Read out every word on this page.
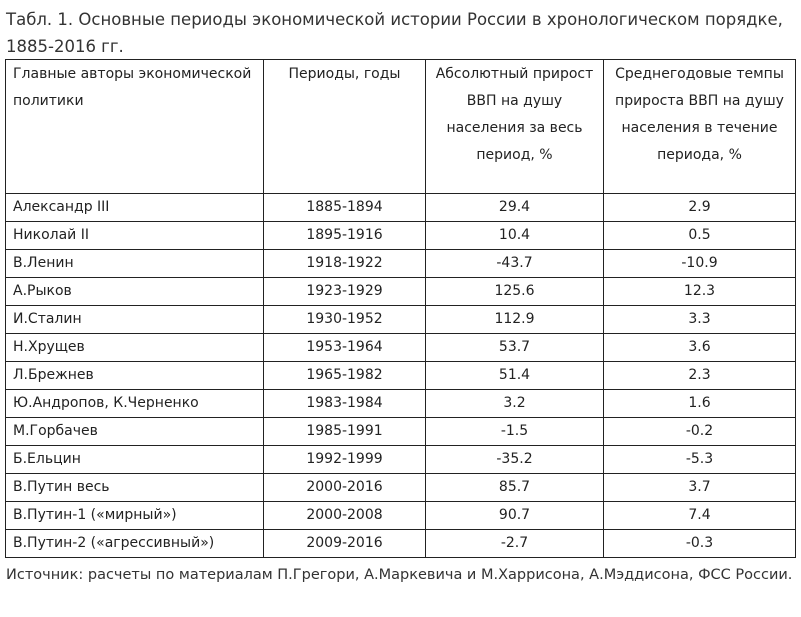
Табл. 1. Основные периоды экономической истории России в хронологическом порядке, 1885-2016 гг.
Главные авторы экономической политики	Периоды, годы	Абсолютный прирост ВВП на душу населения за весь период, %	Среднегодовые темпы прироста ВВП на душу населения в течение периода, %
Александр III	1885-1894	29.4	2.9
Николай II	1895-1916	10.4	0.5
В.Ленин	1918-1922	-43.7	-10.9
А.Рыков	1923-1929	125.6	12.3
И.Сталин	1930-1952	112.9	3.3
Н.Хрущев	1953-1964	53.7	3.6
Л.Брежнев	1965-1982	51.4	2.3
Ю.Андропов, К.Черненко	1983-1984	3.2	1.6
М.Горбачев	1985-1991	-1.5	-0.2
Б.Ельцин	1992-1999	-35.2	-5.3
В.Путин весь	2000-2016	85.7	3.7
В.Путин-1 («мирный»)	2000-2008	90.7	7.4
В.Путин-2 («агрессивный»)	2009-2016	-2.7	-0.3
Источник: расчеты по материалам П.Грегори, А.Маркевича и М.Харрисона, А.Мэддисона, ФСС России.
